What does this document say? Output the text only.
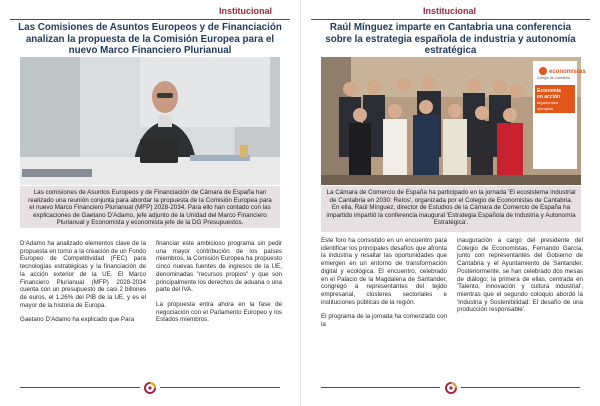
Institucional
Las Comisiones de Asuntos Europeos y de Financiación analizan la propuesta de la Comisión Europea para el nuevo Marco Financiero Plurianual
Las comisiones de Asuntos Europeos y de Financiación de Cámara de España han realizado una reunión conjunta para abordar la propuesta de la Comisión Europea para el nuevo Marco Financiero Plurianual (MFP) 2028-2034. Para ello han contado con las explicaciones de Gaetano D'Adamo, jefe adjunto de la Unidad del Marco Financiero Plurianual y Economista y economista jefe de la DG Presupuestos.

D'Adamo ha analizado elementos clave de la propuesta en torno a la creación de un Fondo Europeo de Competitividad (FEC) para tecnologías estratégicas y la financiación de la acción exterior de la UE. El Marco Financiero Plurianual (MFP) 2028-2034 cuenta con un presupuesto de casi 2 billones de euros, el 1,26% del PIB de la UE, y es el mayor de la historia de Europa.

Gaetano D'Adamo ha explicado que Para

financiar este ambicioso programa sin pedir una mayor contribución de los países miembros, la Comisión Europea ha propuesto cinco nuevas fuentes de ingresos de la UE, denominadas "recursos propios" y que son principalmente los derechos de aduana o una parte del IVA.

La propuesta entra ahora en la fase de negociación con el Parlamento Europeo y los Estados miembros.

Institucional
Raúl Mínguez imparte en Cantabria una conferencia sobre la estrategia española de industria y autonomía estratégica
economistas
Colegio de Cantabria
Economía
en acción
argumentos
ejemplos
La Cámara de Comercio de España ha participado en la jornada 'El ecosistema industrial de Cantabria en 2030: Retos', organizada por el Colegio de Economistas de Cantabria. En ella, Raúl Mínguez, director de Estudios de la Cámara de Comercio de España ha impartido impartió la conferencia inaugural 'Estrategia Española de Industria y Autonomía Estratégica'.

Este foro ha consistido en un encuentro para identificar los principales desafíos que afronta la industria y resaltar las oportunidades que emergen en un entorno de transformación digital y ecológica. El encuentro, celebrado en el Palacio de la Magdalena de Santander, congregó a representantes del tejido empresarial, clústeres sectoriales e instituciones públicas de la región.

El programa de la jornada ha comenzado con la

inauguración a cargo del presidente del Colegio de Economistas, Fernando García, junto con representantes del Gobierno de Cantabria y el Ayuntamiento de Santander. Posteriormente, se han celebrado dos mesas de diálogo; la primera de ellas, centrada en 'Talento, innovación y cultura industrial', mientras que el segundo coloquio abordó la 'Industria y Sostenibilidad: El desafío de una producción responsable'.
